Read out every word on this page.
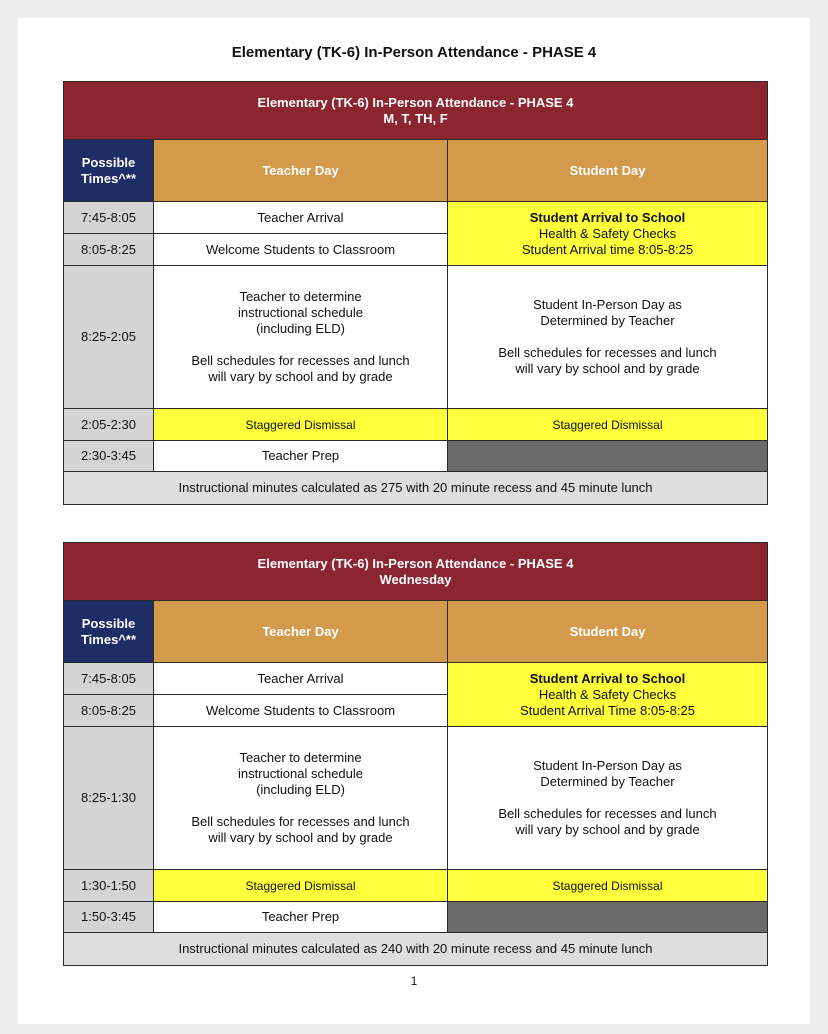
Elementary (TK-6) In-Person Attendance - PHASE 4
Elementary (TK-6) In-Person Attendance - PHASE 4
M, T, TH, F		

Possible
Times^**	Teacher Day	Student Day
7:45-8:05	Teacher Arrival	Student Arrival to School
Health & Safety Checks
Student Arrival time 8:05-8:25

8:05-8:25	Welcome Students to Classroom	
8:25-2:05	Teacher to determine
instructional schedule
(including ELD)
Bell schedules for recesses and lunch
will vary by school and by grade	Student In-Person Day as
Determined by Teacher
Bell schedules for recesses and lunch
will vary by school and by grade

2:05-2:30	Staggered Dismissal	Staggered Dismissal
2:30-3:45	Teacher Prep	
Instructional minutes calculated as 275 with 20 minute recess and 45 minute lunch		
Elementary (TK-6) In-Person Attendance - PHASE 4
Wednesday		

Possible
Times^**	Teacher Day	Student Day
7:45-8:05	Teacher Arrival	Student Arrival to School
Health & Safety Checks
Student Arrival Time 8:05-8:25

8:05-8:25	Welcome Students to Classroom	
8:25-1:30	Teacher to determine
instructional schedule
(including ELD)
Bell schedules for recesses and lunch
will vary by school and by grade	Student In-Person Day as
Determined by Teacher
Bell schedules for recesses and lunch
will vary by school and by grade

1:30-1:50	Staggered Dismissal	Staggered Dismissal
1:50-3:45	Teacher Prep	
Instructional minutes calculated as 240 with 20 minute recess and 45 minute lunch		
1
